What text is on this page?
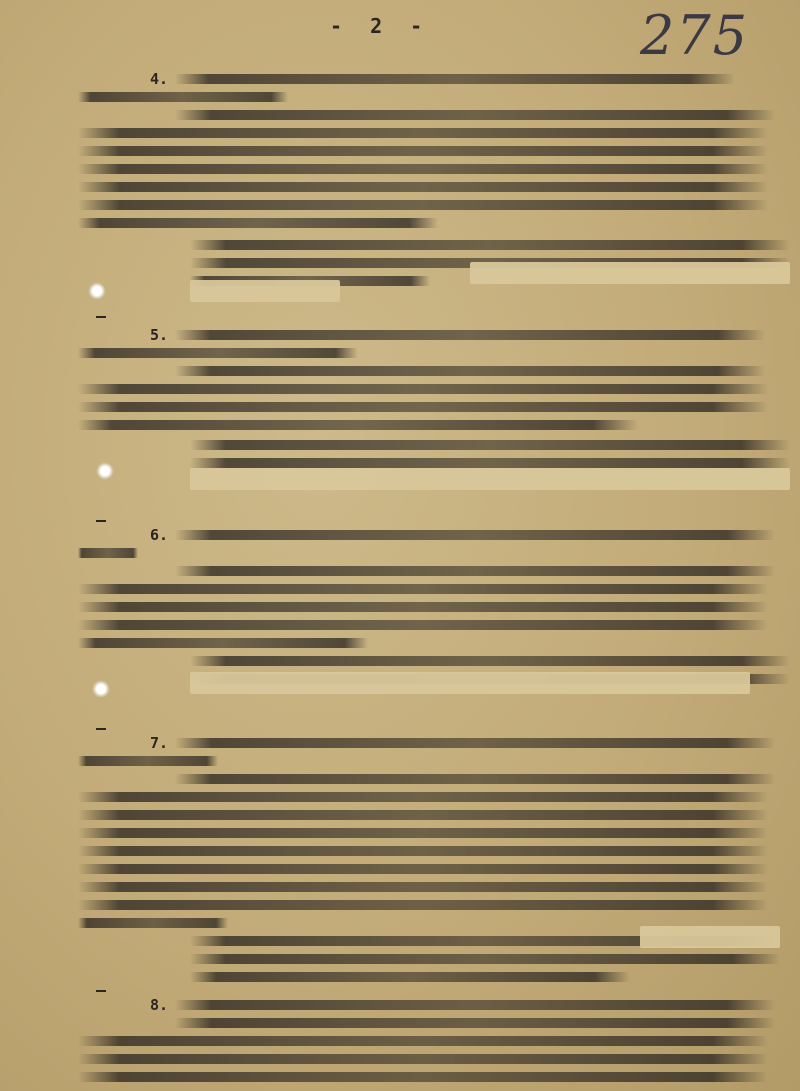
- 2 -	275
4.
5.
6.
7.
8.
